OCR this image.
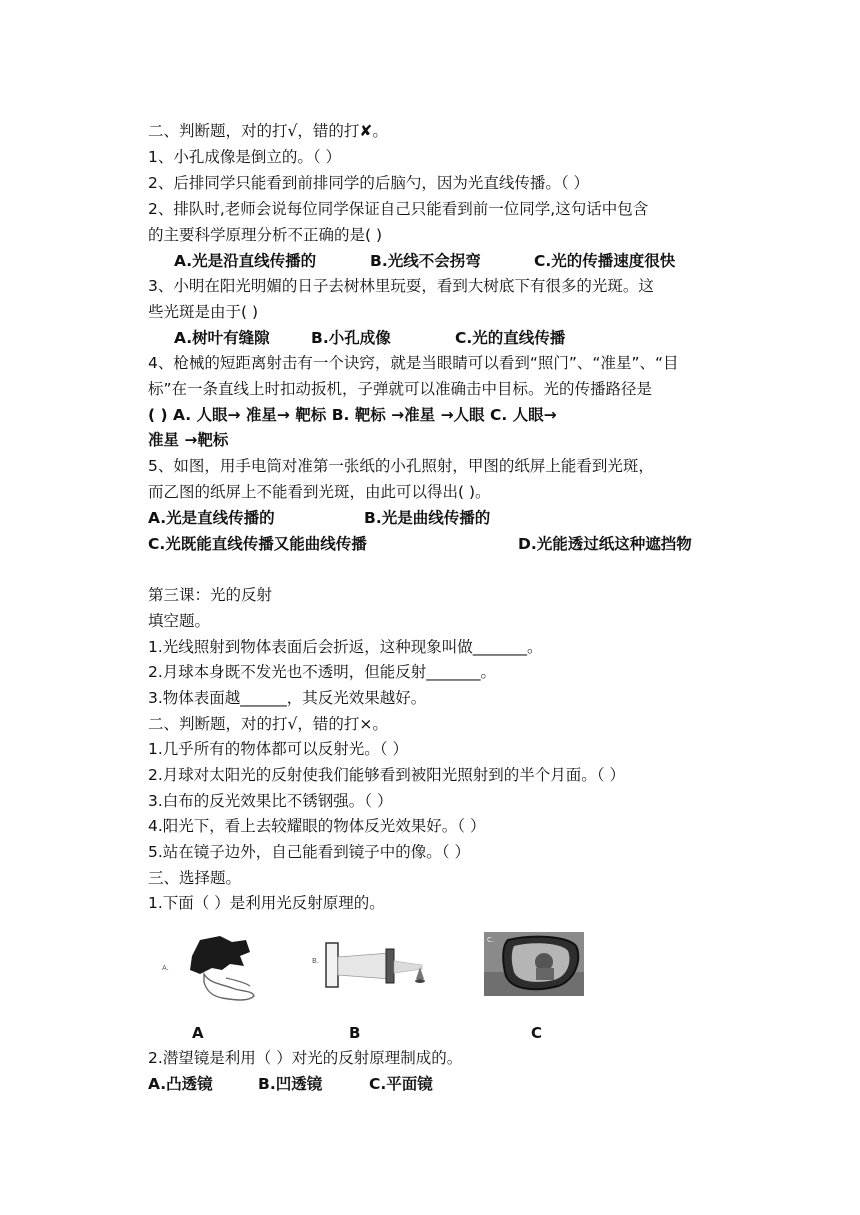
二、判断题，对的打√，错的打✘。
1、小孔成像是倒立的。（ ）
2、后排同学只能看到前排同学的后脑勺，因为光直线传播。（ ）
2、排队时,老师会说每位同学保证自己只能看到前一位同学,这句话中包含
的主要科学原理分析不正确的是( )
A.光是沿直线传播的	B.光线不会拐弯	C.光的传播速度很快
3、小明在阳光明媚的日子去树林里玩耍，看到大树底下有很多的光斑。这
些光斑是由于( )
A.树叶有缝隙	B.小孔成像	C.光的直线传播
4、枪械的短距离射击有一个诀窍，就是当眼睛可以看到“照门”、“准星”、“目
标”在一条直线上时扣动扳机，子弹就可以准确击中目标。光的传播路径是
( ) A. 人眼→ 准星→ 靶标 B. 靶标 →准星 →人眼 C. 人眼→
准星 →靶标
5、如图，用手电筒对准第一张纸的小孔照射，甲图的纸屏上能看到光斑，
而乙图的纸屏上不能看到光斑，由此可以得出( )。
A.光是直线传播的	B.光是曲线传播的
C.光既能直线传播又能曲线传播	D.光能透过纸这种遮挡物
第三课：光的反射
填空题。
1.光线照射到物体表面后会折返，这种现象叫做_______。
2.月球本身既不发光也不透明，但能反射_______。
3.物体表面越______，其反光效果越好。
二、判断题，对的打√，错的打×。
1.几乎所有的物体都可以反射光。（ ）
2.月球对太阳光的反射使我们能够看到被阳光照射到的半个月面。（ ）
3.白布的反光效果比不锈钢强。（ ）
4.阳光下，看上去较耀眼的物体反光效果好。（ ）
5.站在镜子边外，自己能看到镜子中的像。（ ）
三、选择题。
1.下面（ ）是利用光反射原理的。
A.
B.
C.
A	B	C
2.潜望镜是利用（ ）对光的反射原理制成的。
A.凸透镜	B.凹透镜	C.平面镜
